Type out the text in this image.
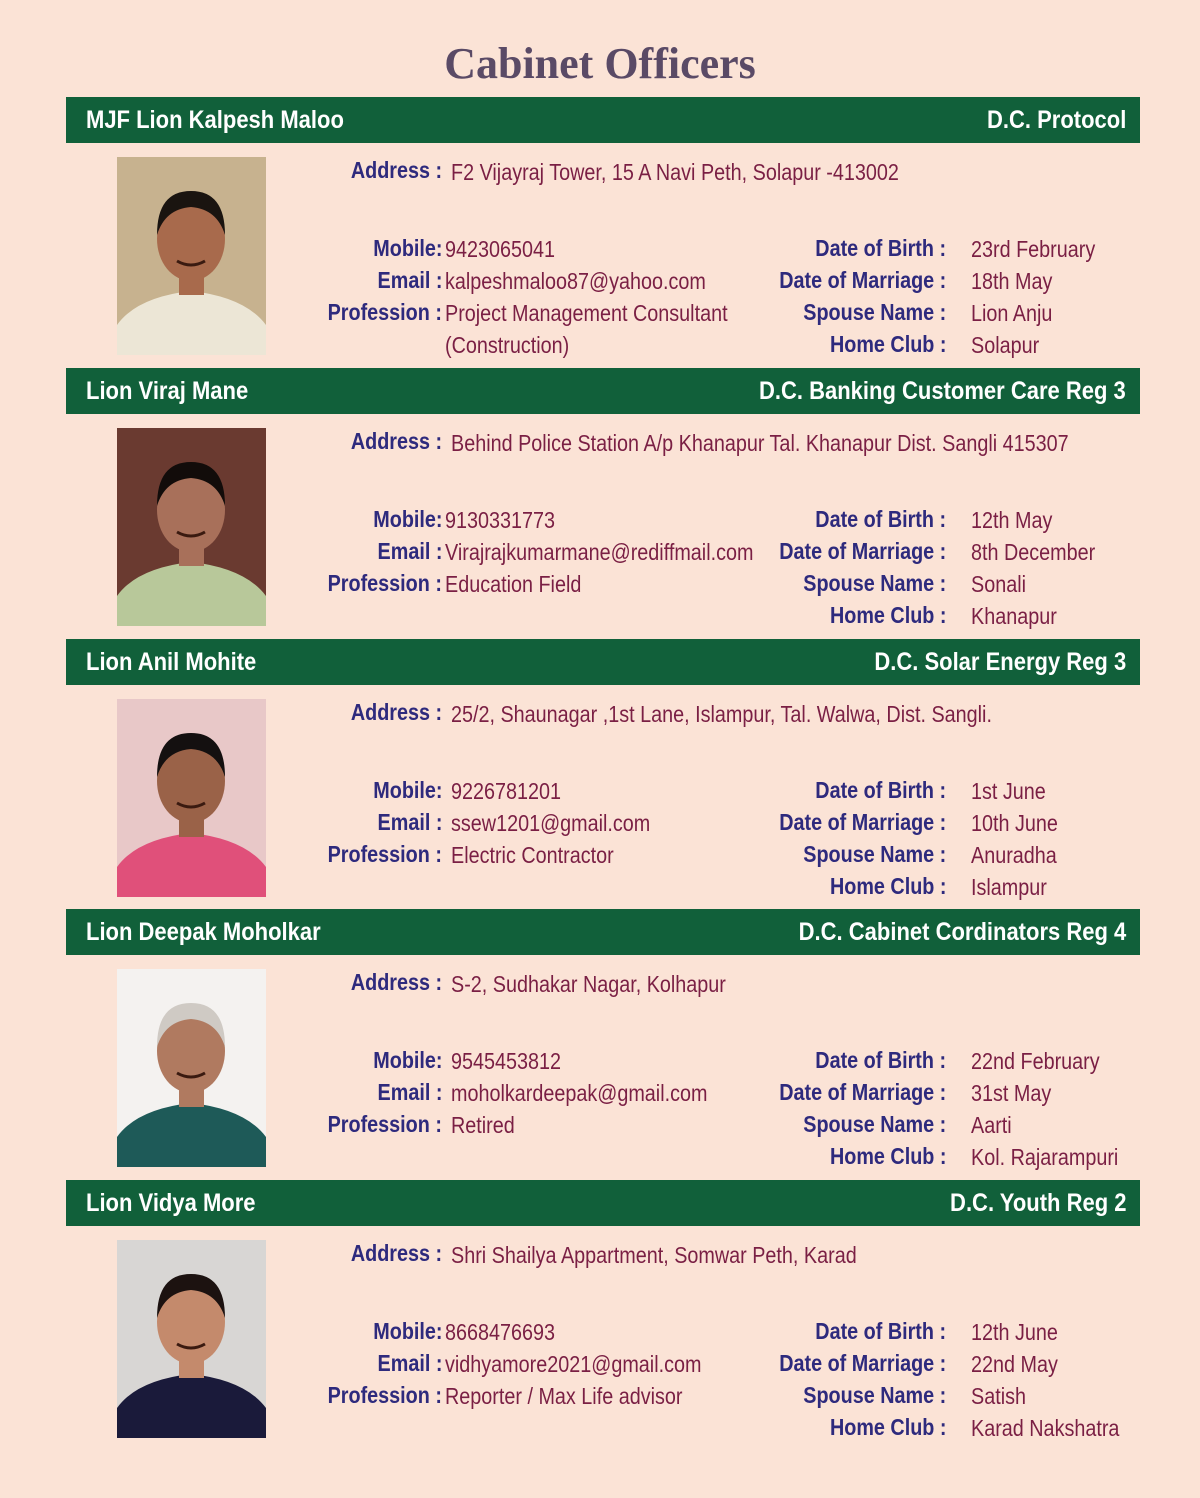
Cabinet Officers
MJF Lion Kalpesh Maloo	D.C. Protocol
Address : F2 Vijayraj Tower, 15 A Navi Peth, Solapur -413002
Mobile: 9423065041
Email : kalpeshmaloo87@yahoo.com
Profession : Project Management Consultant
(Construction)
Date of Birth : 23rd February
Date of Marriage : 18th May
Spouse Name : Lion Anju
Home Club : Solapur
Lion Viraj Mane	D.C. Banking Customer Care Reg 3
Address : Behind Police Station A/p Khanapur Tal. Khanapur Dist. Sangli 415307
Mobile: 9130331773
Email : Virajrajkumarmane@rediffmail.com
Profession : Education Field
Date of Birth : 12th May
Date of Marriage : 8th December
Spouse Name : Sonali
Home Club : Khanapur
Lion Anil Mohite	D.C. Solar Energy Reg 3
Address : 25/2, Shaunagar ,1st Lane, Islampur, Tal. Walwa, Dist. Sangli.
Mobile: 9226781201
Email : ssew1201@gmail.com
Profession : Electric Contractor
Date of Birth : 1st June
Date of Marriage : 10th June
Spouse Name : Anuradha
Home Club : Islampur
Lion Deepak Moholkar	D.C. Cabinet Cordinators Reg 4
Address : S-2, Sudhakar Nagar, Kolhapur
Mobile: 9545453812
Email : moholkardeepak@gmail.com
Profession : Retired
Date of Birth : 22nd February
Date of Marriage : 31st May
Spouse Name : Aarti
Home Club : Kol. Rajarampuri
Lion Vidya More	D.C. Youth Reg 2
Address : Shri Shailya Appartment, Somwar Peth, Karad
Mobile: 8668476693
Email : vidhyamore2021@gmail.com
Profession : Reporter / Max Life advisor
Date of Birth : 12th June
Date of Marriage : 22nd May
Spouse Name : Satish
Home Club : Karad Nakshatra
